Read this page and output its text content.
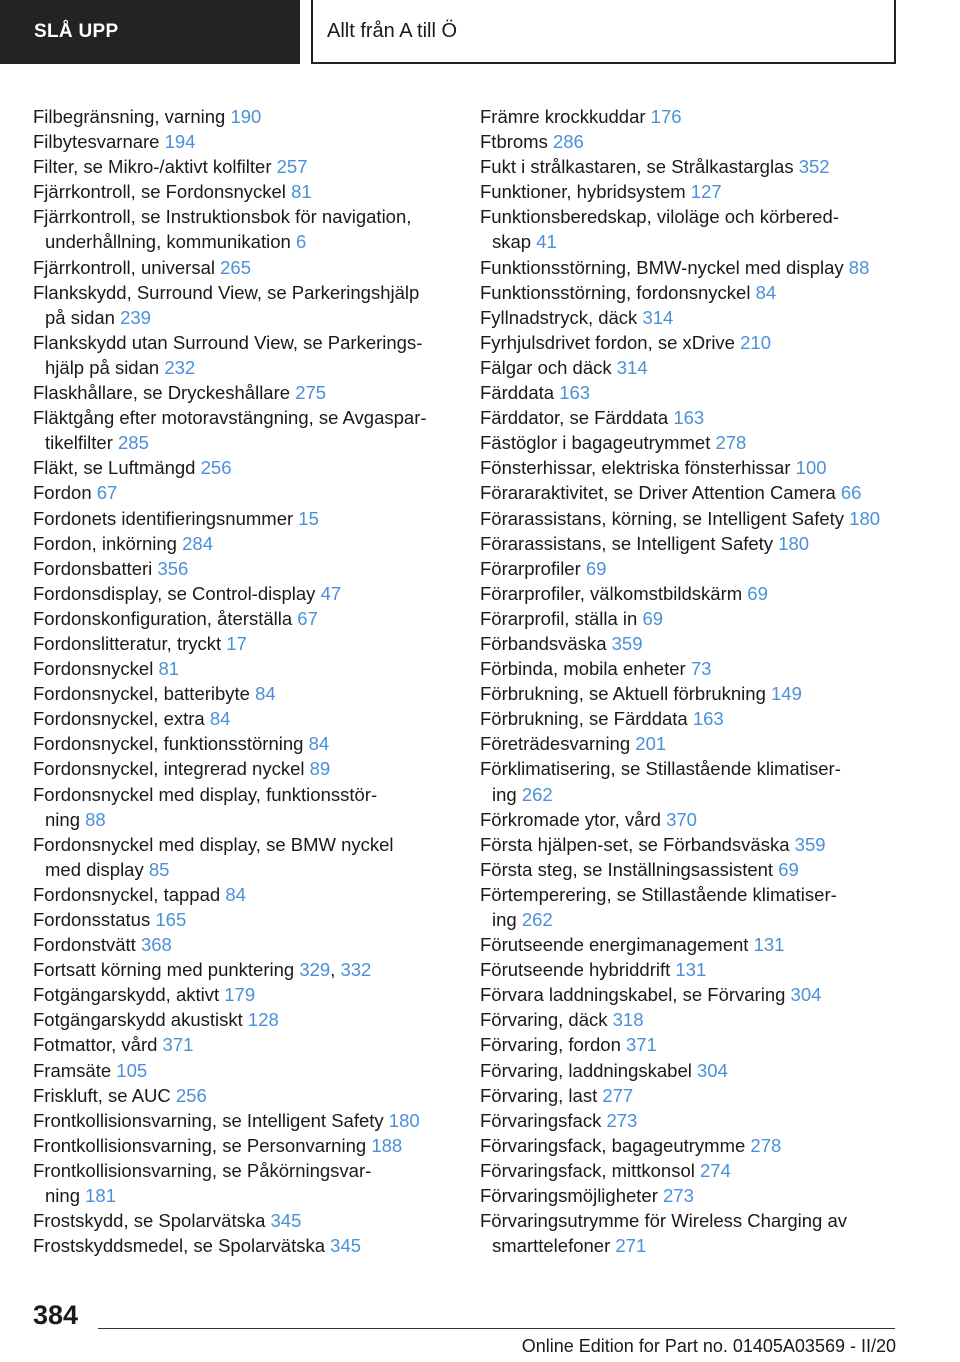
SLÅ UPP	Allt från A till Ö
Filbegränsning, varning 190
Filbytesvarnare 194
Filter, se Mikro-/aktivt kolfilter 257
Fjärrkontroll, se Fordonsnyckel 81
Fjärrkontroll, se Instruktionsbok för navigation,
underhållning, kommunikation 6
Fjärrkontroll, universal 265
Flankskydd, Surround View, se Parkeringshjälp
på sidan 239
Flankskydd utan Surround View, se Parkerings-
hjälp på sidan 232
Flaskhållare, se Dryckeshållare 275
Fläktgång efter motoravstängning, se Avgaspar-
tikelfilter 285
Fläkt, se Luftmängd 256
Fordon 67
Fordonets identifieringsnummer 15
Fordon, inkörning 284
Fordonsbatteri 356
Fordonsdisplay, se Control-display 47
Fordonskonfiguration, återställa 67
Fordonslitteratur, tryckt 17
Fordonsnyckel 81
Fordonsnyckel, batteribyte 84
Fordonsnyckel, extra 84
Fordonsnyckel, funktionsstörning 84
Fordonsnyckel, integrerad nyckel 89
Fordonsnyckel med display, funktionsstör-
ning 88
Fordonsnyckel med display, se BMW nyckel
med display 85
Fordonsnyckel, tappad 84
Fordonsstatus 165
Fordonstvätt 368
Fortsatt körning med punktering 329, 332
Fotgängarskydd, aktivt 179
Fotgängarskydd akustiskt 128
Fotmattor, vård 371
Framsäte 105
Friskluft, se AUC 256
Frontkollisionsvarning, se Intelligent Safety 180
Frontkollisionsvarning, se Personvarning 188
Frontkollisionsvarning, se Påkörningsvar-
ning 181
Frostskydd, se Spolarvätska 345
Frostskyddsmedel, se Spolarvätska 345
Främre krockkuddar 176
Ftbroms 286
Fukt i strålkastaren, se Strålkastarglas 352
Funktioner, hybridsystem 127
Funktionsberedskap, viloläge och körbered-
skap 41
Funktionsstörning, BMW-nyckel med display 88
Funktionsstörning, fordonsnyckel 84
Fyllnadstryck, däck 314
Fyrhjulsdrivet fordon, se xDrive 210
Fälgar och däck 314
Färddata 163
Färddator, se Färddata 163
Fästöglor i bagageutrymmet 278
Fönsterhissar, elektriska fönsterhissar 100
Förararaktivitet, se Driver Attention Camera 66
Förarassistans, körning, se Intelligent Safety 180
Förarassistans, se Intelligent Safety 180
Förarprofiler 69
Förarprofiler, välkomstbildskärm 69
Förarprofil, ställa in 69
Förbandsväska 359
Förbinda, mobila enheter 73
Förbrukning, se Aktuell förbrukning 149
Förbrukning, se Färddata 163
Företrädesvarning 201
Förklimatisering, se Stillastående klimatiser-
ing 262
Förkromade ytor, vård 370
Första hjälpen-set, se Förbandsväska 359
Första steg, se Inställningsassistent 69
Förtemperering, se Stillastående klimatiser-
ing 262
Förutseende energimanagement 131
Förutseende hybriddrift 131
Förvara laddningskabel, se Förvaring 304
Förvaring, däck 318
Förvaring, fordon 371
Förvaring, laddningskabel 304
Förvaring, last 277
Förvaringsfack 273
Förvaringsfack, bagageutrymme 278
Förvaringsfack, mittkonsol 274
Förvaringsmöjligheter 273
Förvaringsutrymme för Wireless Charging av
smarttelefoner 271
384
Online Edition for Part no. 01405A03569 - II/20
